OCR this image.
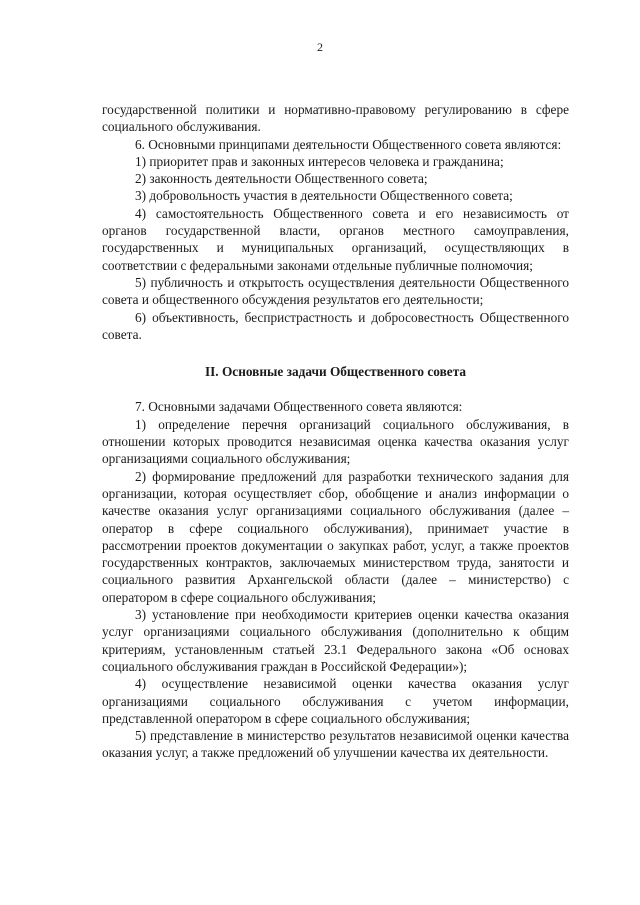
2

государственной политики и нормативно-правовому регулированию в сфере социального обслуживания.

6. Основными принципами деятельности Общественного совета являются:

1) приоритет прав и законных интересов человека и гражданина;

2) законность деятельности Общественного совета;

3) добровольность участия в деятельности Общественного совета;

4) самостоятельность Общественного совета и его независимость от органов государственной власти, органов местного самоуправления, государственных и муниципальных организаций, осуществляющих в соответствии с федеральными законами отдельные публичные полномочия;

5) публичность и открытость осуществления деятельности Общественного совета и общественного обсуждения результатов его деятельности;

6) объективность, беспристрастность и добросовестность Общественного совета.

II. Основные задачи Общественного совета

7. Основными задачами Общественного совета являются:

1) определение перечня организаций социального обслуживания, в отношении которых проводится независимая оценка качества оказания услуг организациями социального обслуживания;

2) формирование предложений для разработки технического задания для организации, которая осуществляет сбор, обобщение и анализ информации о качестве оказания услуг организациями социального обслуживания (далее – оператор в сфере социального обслуживания), принимает участие в рассмотрении проектов документации о закупках работ, услуг, а также проектов государственных контрактов, заключаемых министерством труда, занятости и социального развития Архангельской области (далее – министерство) с оператором в сфере социального обслуживания;

3) установление при необходимости критериев оценки качества оказания услуг организациями социального обслуживания (дополнительно к общим критериям, установленным статьей 23.1 Федерального закона «Об основах социального обслуживания граждан в Российской Федерации»);

4) осуществление независимой оценки качества оказания услуг организациями социального обслуживания с учетом информации, представленной оператором в сфере социального обслуживания;

5) представление в министерство результатов независимой оценки качества оказания услуг, а также предложений об улучшении качества их деятельности.
